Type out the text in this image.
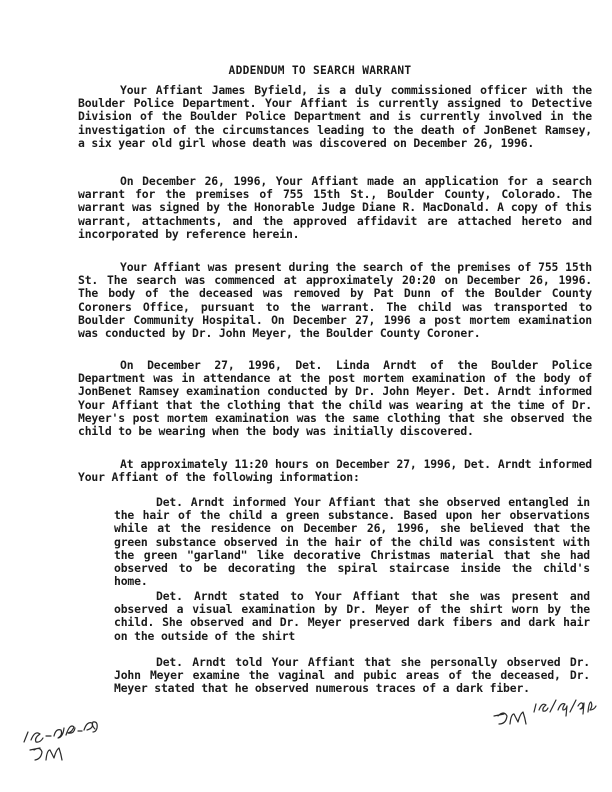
ADDENDUM TO SEARCH WARRANT
Your Affiant James Byfield, is a duly commissioned officer with the Boulder Police Department. Your Affiant is currently assigned to Detective Division of the Boulder Police Department and is currently involved in the investigation of the circumstances leading to the death of JonBenet Ramsey, a six year old girl whose death was discovered on December 26, 1996.
On December 26, 1996, Your Affiant made an application for a search warrant for the premises of 755 15th St., Boulder County, Colorado. The warrant was signed by the Honorable Judge Diane R. MacDonald. A copy of this warrant, attachments, and the approved affidavit are attached hereto and incorporated by reference herein.
Your Affiant was present during the search of the premises of 755 15th St. The search was commenced at approximately 20:20 on December 26, 1996. The body of the deceased was removed by Pat Dunn of the Boulder County Coroners Office, pursuant to the warrant. The child was transported to Boulder Community Hospital. On December 27, 1996 a post mortem examination was conducted by Dr. John Meyer, the Boulder County Coroner.
On December 27, 1996, Det. Linda Arndt of the Boulder Police Department was in attendance at the post mortem examination of the body of JonBenet Ramsey examination conducted by Dr. John Meyer. Det. Arndt informed Your Affiant that the clothing that the child was wearing at the time of Dr. Meyer's post mortem examination was the same clothing that she observed the child to be wearing when the body was initially discovered.
At approximately 11:20 hours on December 27, 1996, Det. Arndt informed Your Affiant of the following information:
Det. Arndt informed Your Affiant that she observed entangled in the hair of the child a green substance. Based upon her observations while at the residence on December 26, 1996, she believed that the green substance observed in the hair of the child was consistent with the green "garland" like decorative Christmas material that she had observed to be decorating the spiral staircase inside the child's home.
Det. Arndt stated to Your Affiant that she was present and observed a visual examination by Dr. Meyer of the shirt worn by the child. She observed and Dr. Meyer preserved dark fibers and dark hair on the outside of the shirt
Det. Arndt told Your Affiant that she personally observed Dr. John Meyer examine the vaginal and pubic areas of the deceased, Dr. Meyer stated that he observed numerous traces of a dark fiber.
